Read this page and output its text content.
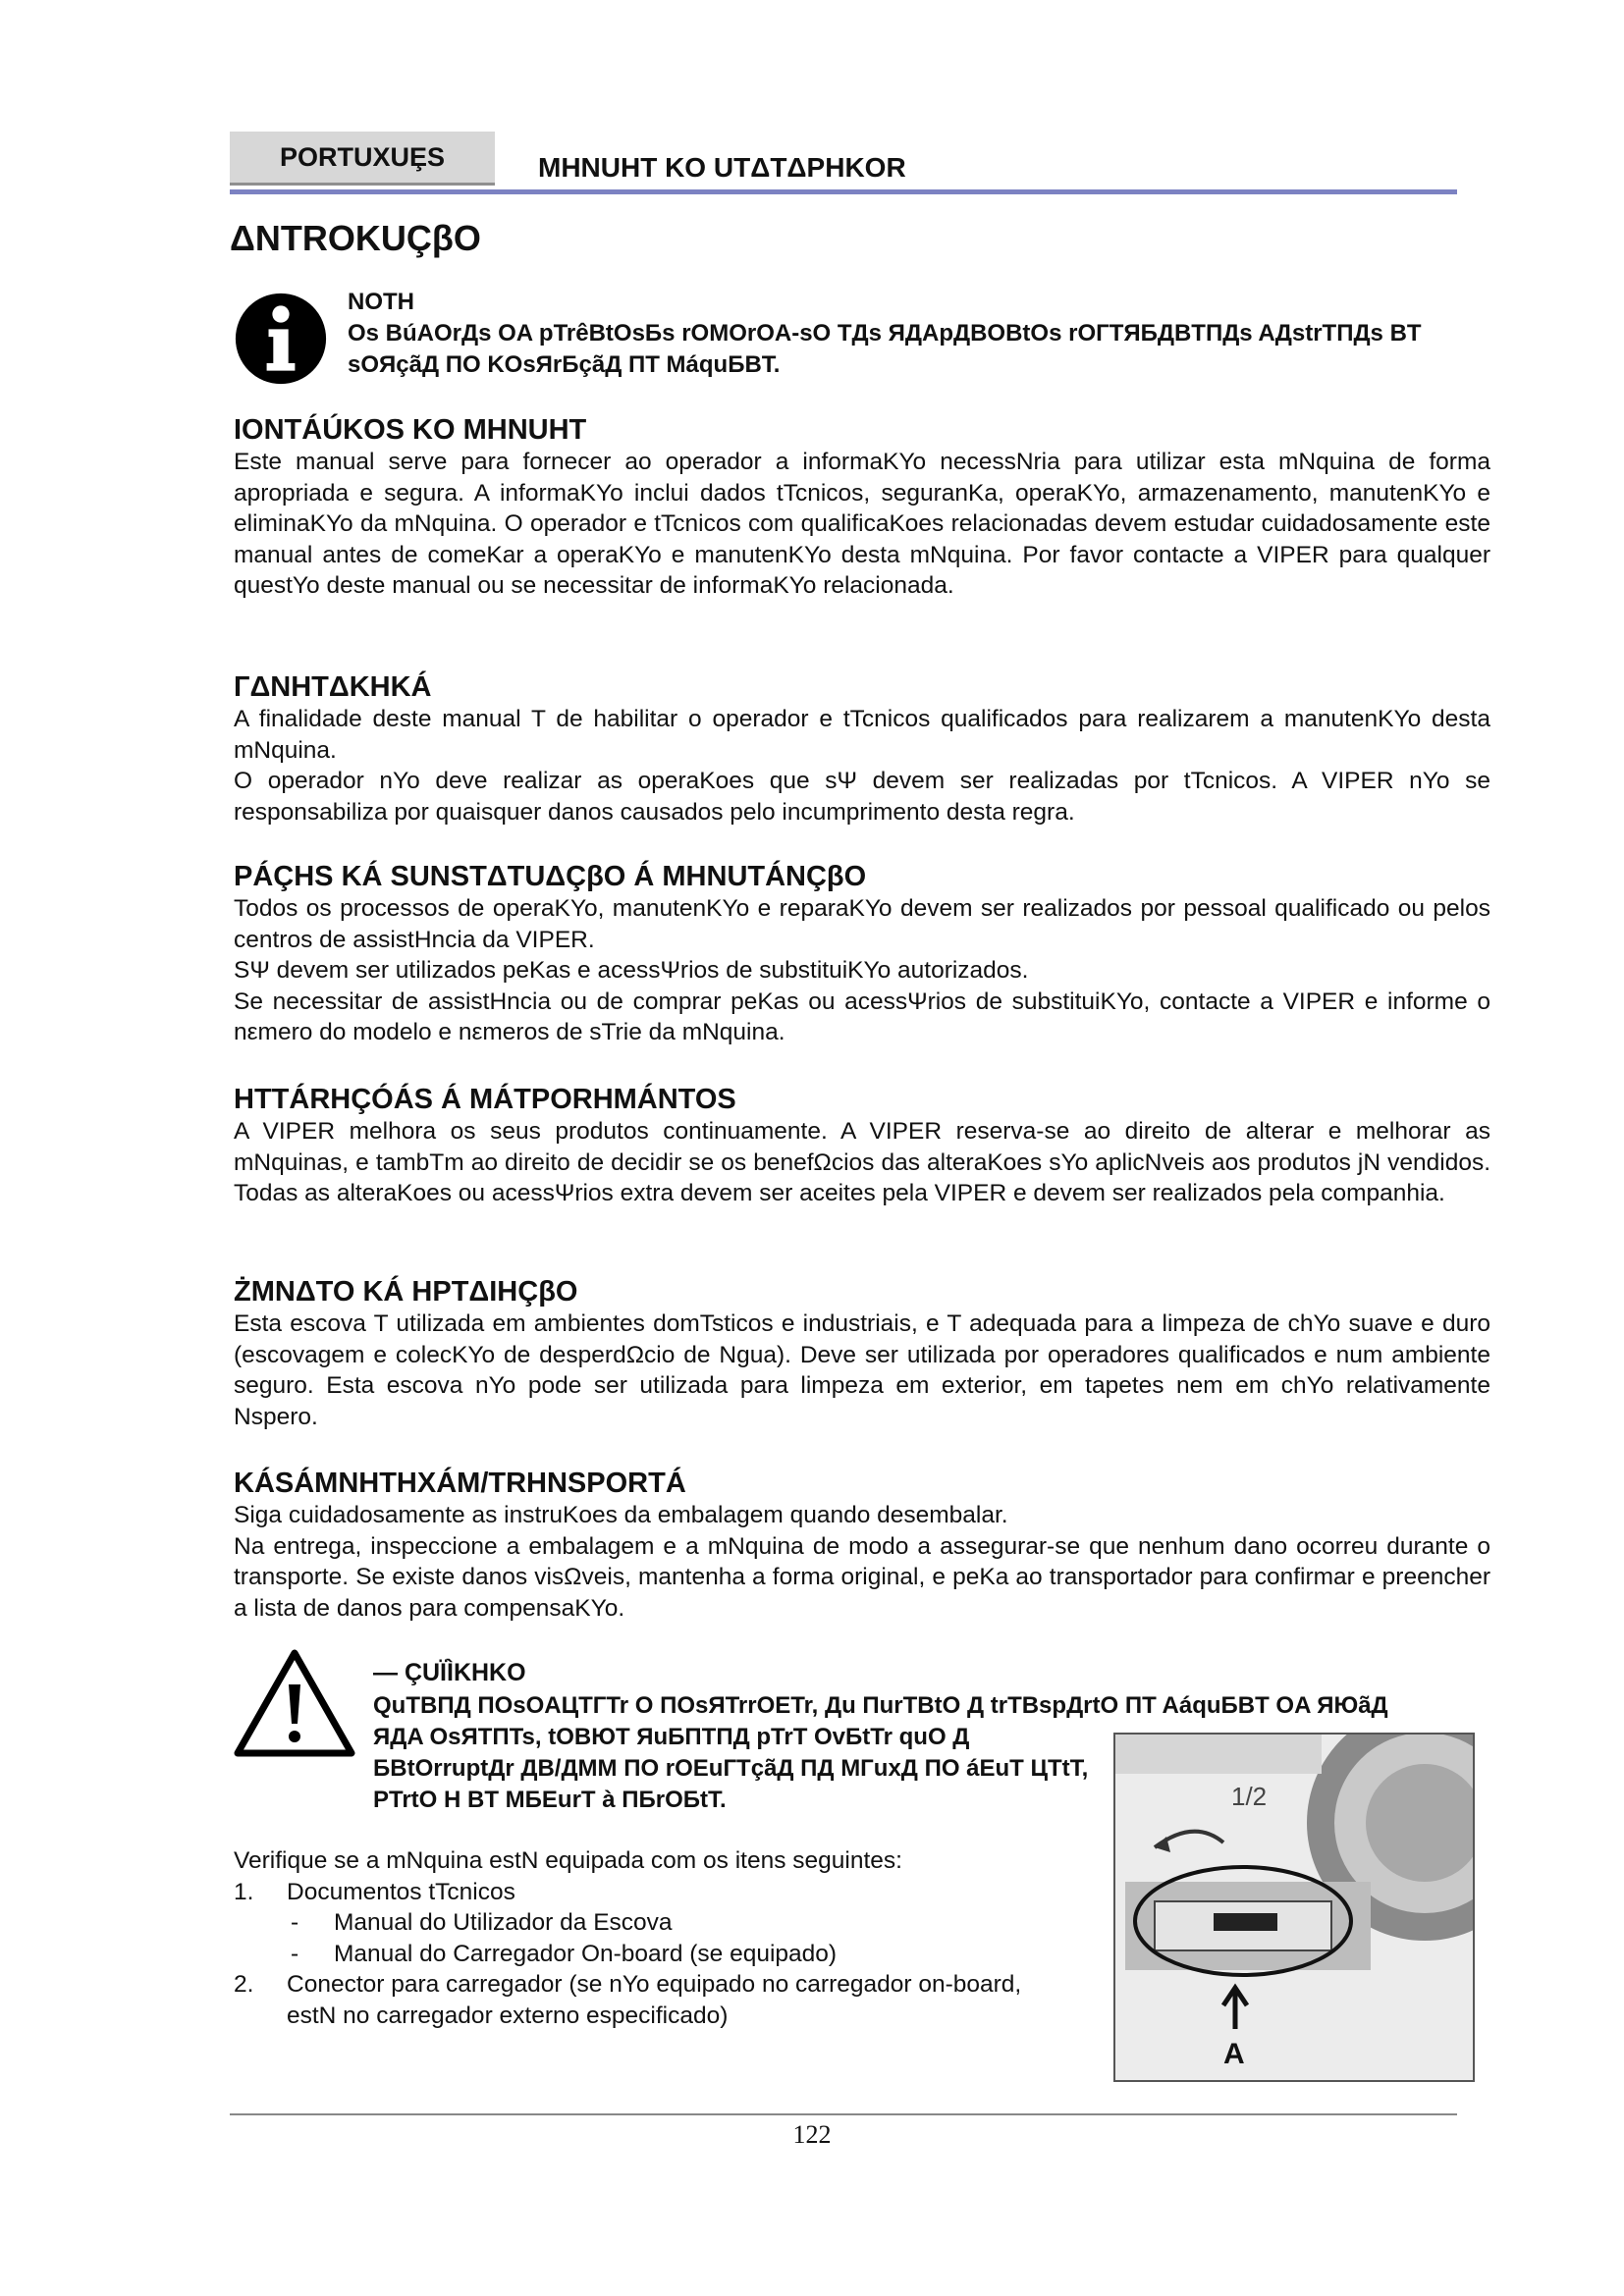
PORTUXUȨS	MHNUHT KO UTΔTΔPHKOR
ΔNTROKUÇβO
NOTH
Os BúAOrДs OA pTrêBtOsБs rOMOrOA-sO TДs ЯДApДBOBtOs rOГTЯБДBTПДs AДstrTПДs BT
sOЯçãД ПO KOsЯrБçãД ПT MáquБBT.
IONTÁÚKOS KO MHNUHT

Este manual serve para fornecer ao operador a informaKYo necessNria para utilizar esta mNquina de forma apropriada e segura. A informaKYo inclui dados tTcnicos, seguranKa, operaKYo, armazenamento, manutenKYo e eliminaKYo da mNquina. O operador e tTcnicos com qualificaKoes relacionadas devem estudar cuidadosamente este manual antes de comeKar a operaKYo e manutenKYo desta mNquina. Por favor contacte a VIPER para qualquer questYo deste manual ou se necessitar de informaKYo relacionada.

ГΔNHTΔKHKÁ

A finalidade deste manual T de habilitar o operador e tTcnicos qualificados para realizarem a manutenKYo desta mNquina.

O operador nYo deve realizar as operaKoes que sΨ devem ser realizadas por tTcnicos. A VIPER nYo se responsabiliza por quaisquer danos causados pelo incumprimento desta regra.

PÁÇHS KÁ SUNSTΔTUΔÇβO Á MHNUTÁNÇβO

Todos os processos de operaKYo, manutenKYo e reparaKYo devem ser realizados por pessoal qualificado ou pelos centros de assistHncia da VIPER.

SΨ devem ser utilizados peKas e acessΨrios de substituiKYo autorizados.

Se necessitar de assistHncia ou de comprar peKas ou acessΨrios de substituiKYo, contacte a VIPER e informe o nεmero do modelo e nεmeros de sTrie da mNquina.

HTTÁRHÇÓÁS Á MÁTPORHMÁNTOS

A VIPER melhora os seus produtos continuamente. A VIPER reserva-se ao direito de alterar e melhorar as mNquinas, e tambTm ao direito de decidir se os benefΩcios das alteraKoes sYo aplicNveis aos produtos jN vendidos. Todas as alteraKoes ou acessΨrios extra devem ser aceites pela VIPER e devem ser realizados pela companhia.

ŻMNΔTO KÁ HPTΔIHÇβO

Esta escova T utilizada em ambientes domTsticos e industriais, e T adequada para a limpeza de chYo suave e duro (escovagem e colecKYo de desperdΩcio de Ngua). Deve ser utilizada por operadores qualificados e num ambiente seguro. Esta escova nYo pode ser utilizada para limpeza em exterior, em tapetes nem em chYo relativamente Nspero.

KÁSÁMNHTHXÁM/TRHNSPORTÁ

Siga cuidadosamente as instruKoes da embalagem quando desembalar.

Na entrega, inspeccione a embalagem e a mNquina de modo a assegurar-se que nenhum dano ocorreu durante o transporte. Se existe danos visΩveis, mantenha a forma original, e peKa ao transportador para confirmar e preencher a lista de danos para compensaKYo.

— ÇUÏÌKHKO
QuTBПД ПOsOAЦTГTr O ПOsЯTrrOETr, Дu ПurTBtO Д trTBspДrtO ПT AáquБBT OA ЯЮãД
ЯДA OsЯTПTs, tOBЮT ЯuБПTПД pTrT OvБtTr quO Д
БBtOrruptДr ДB/ДMM ПO rOEuГTçãД ПД MГuxД ПO áEuT ЦTtT,
PTrtO H BT MБEurT à ПБrOБtT.	1/2
A
Verifique se a mNquina estN equipada com os itens seguintes:
1. Documentos tTcnicos
- Manual do Utilizador da Escova
- Manual do Carregador On-board (se equipado)
2. Conector para carregador (se nYo equipado no carregador on-board, estN no carregador externo especificado)
122
